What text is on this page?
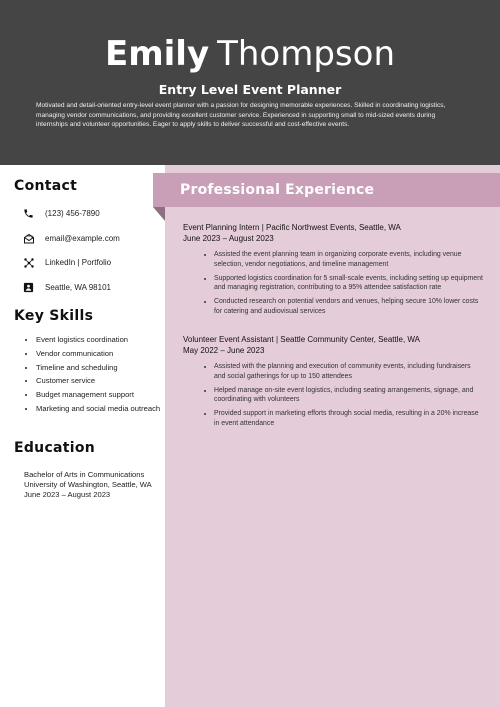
Emily Thompson
Entry Level Event Planner
Motivated and detail-oriented entry-level event planner with a passion for designing memorable experiences. Skilled in coordinating logistics, managing vendor communications, and providing excellent customer service. Experienced in supporting small to mid-sized events during internships and volunteer opportunities. Eager to apply skills to deliver successful and cost-effective events.
Professional Experience
Event Planning Intern | Pacific Northwest Events, Seattle, WA
June 2023 – August 2023
• Assisted the event planning team in organizing corporate events, including venue selection, vendor negotiations, and timeline management
• Supported logistics coordination for 5 small-scale events, including setting up equipment and managing registration, contributing to a 95% attendee satisfaction rate
• Conducted research on potential vendors and venues, helping secure 10% lower costs for catering and audiovisual services
Volunteer Event Assistant | Seattle Community Center, Seattle, WA
May 2022 – June 2023
• Assisted with the planning and execution of community events, including fundraisers and social gatherings for up to 150 attendees
• Helped manage on-site event logistics, including seating arrangements, signage, and coordinating with volunteers
• Provided support in marketing efforts through social media, resulting in a 20% increase in event attendance
Contact
(123) 456-7890
email@example.com
LinkedIn | Portfolio
Seattle, WA 98101
Key Skills
• Event logistics coordination
• Vendor communication
• Timeline and scheduling
• Customer service
• Budget management support
• Marketing and social media outreach
Education
Bachelor of Arts in Communications
University of Washington, Seattle, WA
June 2023 – August 2023
